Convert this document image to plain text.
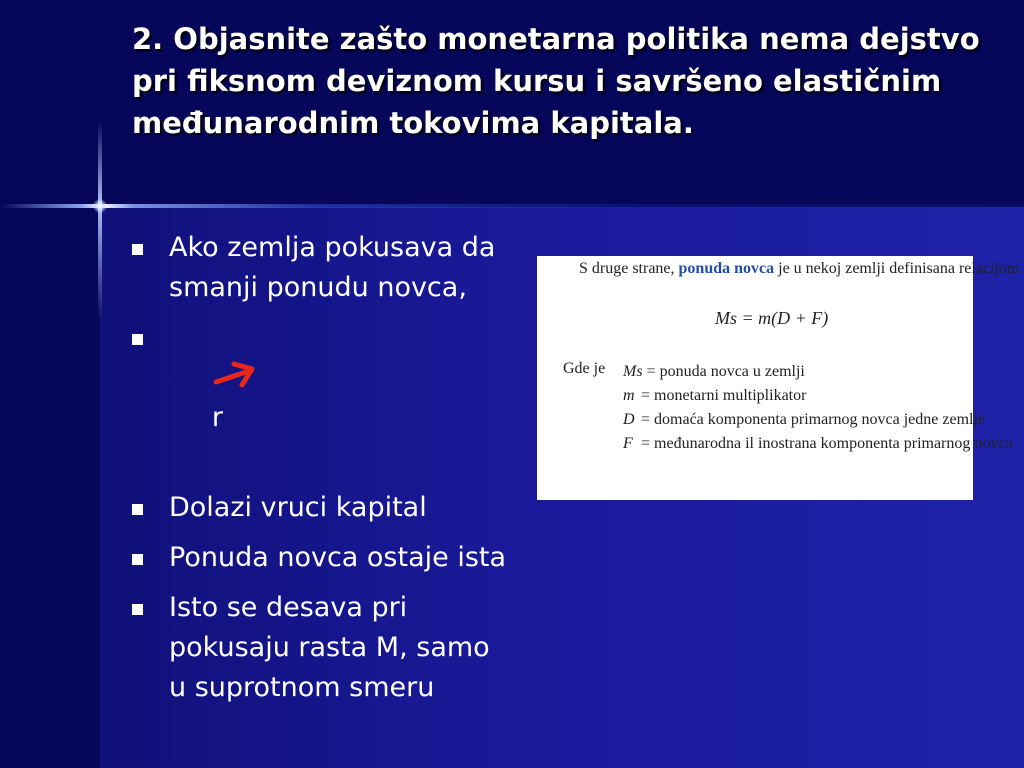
2. Objasnite zašto monetarna politika nema dejstvo pri fiksnom deviznom kursu i savršeno elastičnim međunarodnim tokovima kapitala.
Ako zemlja pokusava da smanji ponudu novca,

r

Dolazi vruci kapital
Ponuda novca ostaje ista
Isto se desava pri pokusaju rasta M, samo u suprotnom smeru
S druge strane, ponuda novca je u nekoj zemlji definisana relacijom
Ms = m(D + F)
Gde je Ms = ponuda novca u zemlji
m = monetarni multiplikator
D = domaća komponenta primarnog novca jedne zemlje
F = međunarodna il inostrana komponenta primarnog novca
